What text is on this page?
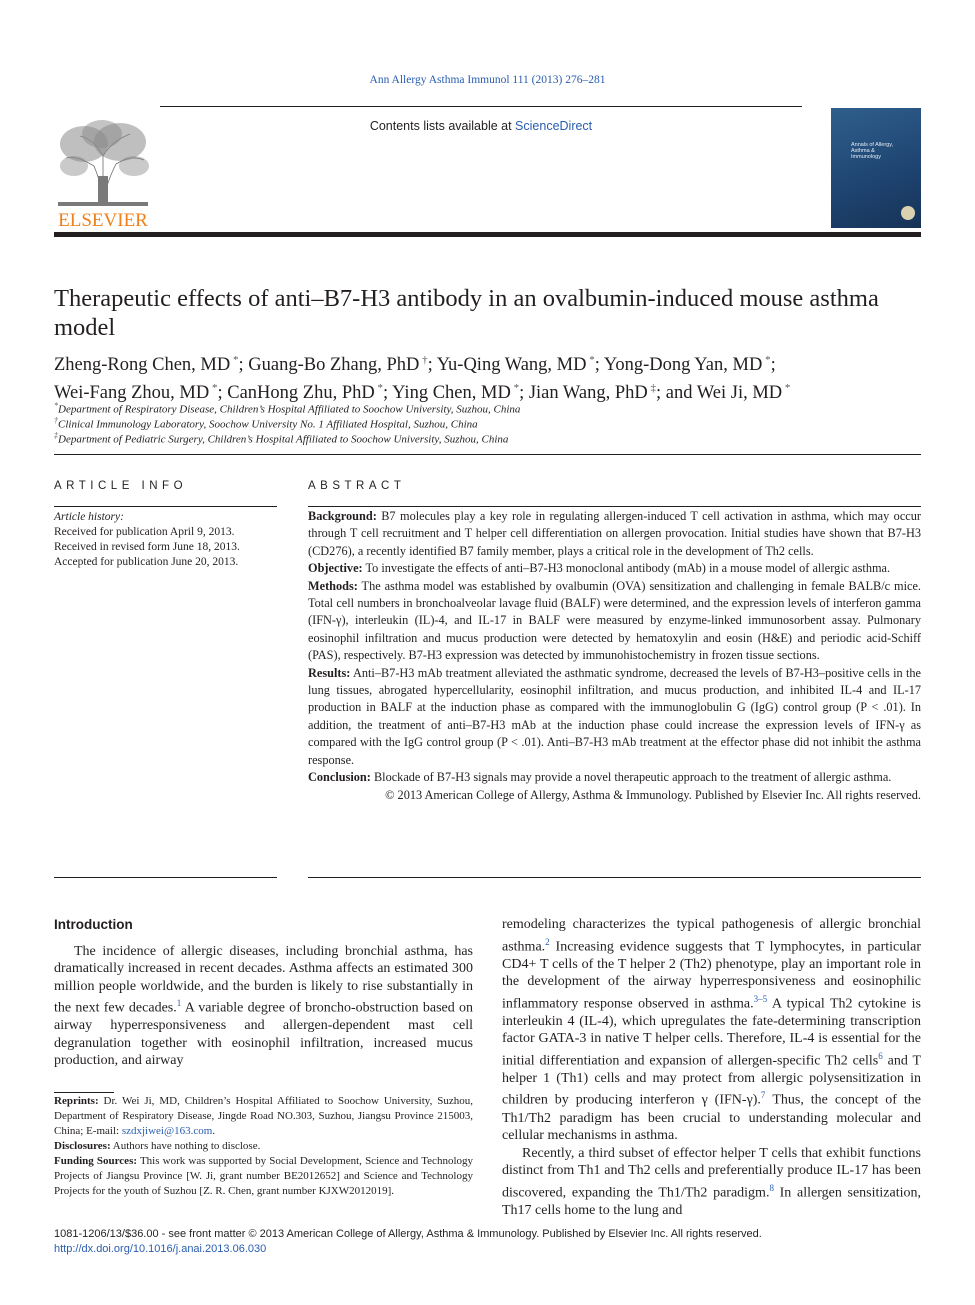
Ann Allergy Asthma Immunol 111 (2013) 276–281
ELSEVIER
Contents lists available at ScienceDirect
Annals of Allergy, Asthma & Immunology
Therapeutic effects of anti–B7-H3 antibody in an ovalbumin-induced mouse asthma model
Zheng-Rong Chen, MD *; Guang-Bo Zhang, PhD †; Yu-Qing Wang, MD *; Yong-Dong Yan, MD *;
Wei-Fang Zhou, MD *; CanHong Zhu, PhD *; Ying Chen, MD *; Jian Wang, PhD ‡; and Wei Ji, MD *
*Department of Respiratory Disease, Children’s Hospital Affiliated to Soochow University, Suzhou, China
†Clinical Immunology Laboratory, Soochow University No. 1 Affiliated Hospital, Suzhou, China
‡Department of Pediatric Surgery, Children’s Hospital Affiliated to Soochow University, Suzhou, China
ARTICLE INFO
Article history:
Received for publication April 9, 2013.
Received in revised form June 18, 2013.
Accepted for publication June 20, 2013.
ABSTRACT

Background: B7 molecules play a key role in regulating allergen-induced T cell activation in asthma, which may occur through T cell recruitment and T helper cell differentiation on allergen provocation. Initial studies have shown that B7-H3 (CD276), a recently identified B7 family member, plays a critical role in the development of Th2 cells.

Objective: To investigate the effects of anti–B7-H3 monoclonal antibody (mAb) in a mouse model of allergic asthma.

Methods: The asthma model was established by ovalbumin (OVA) sensitization and challenging in female BALB/c mice. Total cell numbers in bronchoalveolar lavage fluid (BALF) were determined, and the expression levels of interferon gamma (IFN-γ), interleukin (IL)-4, and IL-17 in BALF were measured by enzyme-linked immunosorbent assay. Pulmonary eosinophil infiltration and mucus production were detected by hematoxylin and eosin (H&E) and periodic acid-Schiff (PAS), respectively. B7-H3 expression was detected by immunohistochemistry in frozen tissue sections.

Results: Anti–B7-H3 mAb treatment alleviated the asthmatic syndrome, decreased the levels of B7-H3–positive cells in the lung tissues, abrogated hypercellularity, eosinophil infiltration, and mucus production, and inhibited IL-4 and IL-17 production in BALF at the induction phase as compared with the immunoglobulin G (IgG) control group (P < .01). In addition, the treatment of anti–B7-H3 mAb at the induction phase could increase the expression levels of IFN-γ as compared with the IgG control group (P < .01). Anti–B7-H3 mAb treatment at the effector phase did not inhibit the asthma response.

Conclusion: Blockade of B7-H3 signals may provide a novel therapeutic approach to the treatment of allergic asthma.

© 2013 American College of Allergy, Asthma & Immunology. Published by Elsevier Inc. All rights reserved.

Introduction

The incidence of allergic diseases, including bronchial asthma, has dramatically increased in recent decades. Asthma affects an estimated 300 million people worldwide, and the burden is likely to rise substantially in the next few decades.$^1$ A variable degree of broncho-obstruction based on airway hyperresponsiveness and allergen-dependent mast cell degranulation together with eosinophil infiltration, increased mucus production, and airway

Reprints: Dr. Wei Ji, MD, Children’s Hospital Affiliated to Soochow University, Suzhou, Department of Respiratory Disease, Jingde Road NO.303, Suzhou, Jiangsu Province 215003, China; E-mail: szdxjiwei@163.com.

Disclosures: Authors have nothing to disclose.

Funding Sources: This work was supported by Social Development, Science and Technology Projects of Jiangsu Province [W. Ji, grant number BE2012652] and Science and Technology Projects for the youth of Suzhou [Z. R. Chen, grant number KJXW2012019].

remodeling characterizes the typical pathogenesis of allergic bronchial asthma.$^2$ Increasing evidence suggests that T lymphocytes, in particular CD4+ T cells of the T helper 2 (Th2) phenotype, play an important role in the development of the airway hyperresponsiveness and eosinophilic inflammatory response observed in asthma.$^{3-5}$ A typical Th2 cytokine is interleukin 4 (IL-4), which upregulates the fate-determining transcription factor GATA-3 in native T helper cells. Therefore, IL-4 is essential for the initial differentiation and expansion of allergen-specific Th2 cells$^6$ and T helper 1 (Th1) cells and may protect from allergic polysensitization in children by producing interferon γ (IFN-γ).$^7$ Thus, the concept of the Th1/Th2 paradigm has been crucial to understanding molecular and cellular mechanisms in asthma.

Recently, a third subset of effector helper T cells that exhibit functions distinct from Th1 and Th2 cells and preferentially produce IL-17 has been discovered, expanding the Th1/Th2 paradigm.$^8$ In allergen sensitization, Th17 cells home to the lung and

1081-1206/13/$36.00 - see front matter © 2013 American College of Allergy, Asthma & Immunology. Published by Elsevier Inc. All rights reserved.
http://dx.doi.org/10.1016/j.anai.2013.06.030
